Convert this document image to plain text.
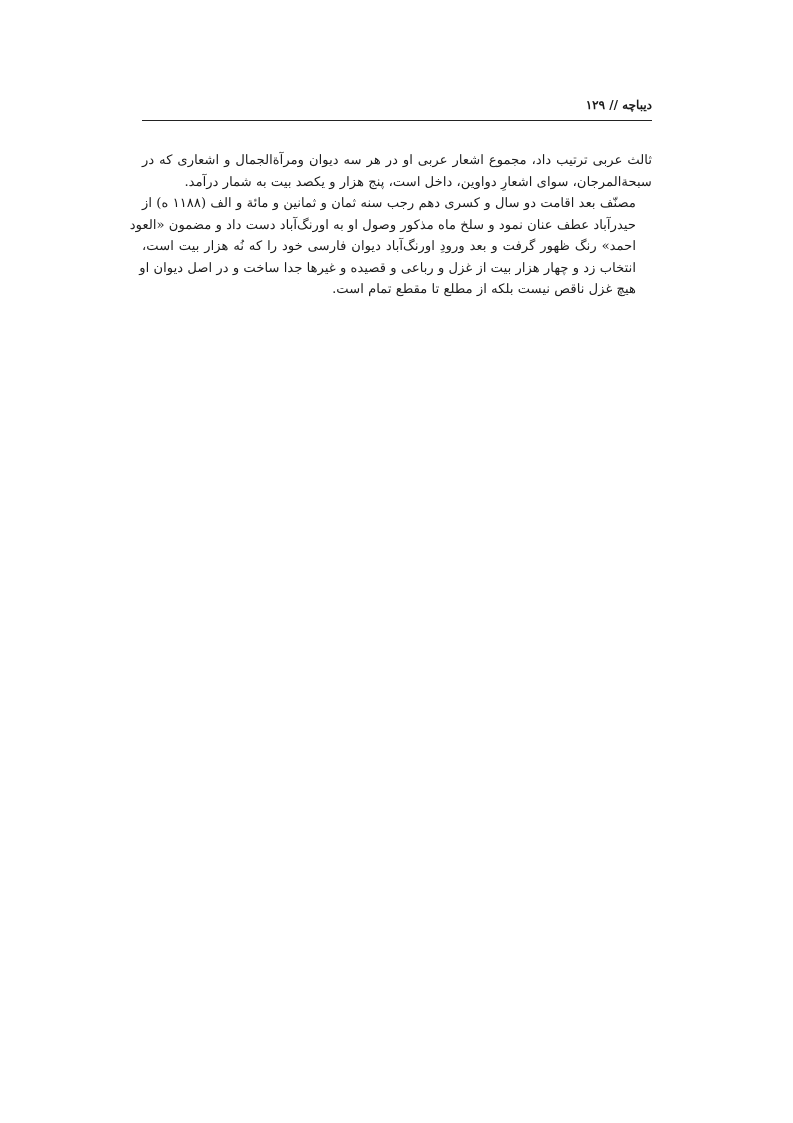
دیباچه // ۱۲۹

ثالث عربی ترتیب داد، مجموع اشعار عربی او در هر سه دیوان ومرآةالجمال و اشعاری که در
سبحةالمرجان، سوای اشعارِ دواوین، داخل است، پنج هزار و یکصد بیت به شمار درآمد.

مصنّف بعد اقامت دو سال و کسری دهم رجب سنه ثمان و ثمانین و مائة و الف (۱۱۸۸ ه) از
حیدرآباد عطف عنان نمود و سلخ ماه مذکور وصول او به اورنگ‌آباد دست داد و مضمون «العود
احمد» رنگ ظهور گرفت و بعد ورودِ اورنگ‌آباد دیوان فارسی خود را که نُه هزار بیت است،
انتخاب زد و چهار هزار بیت از غزل و رباعی و قصیده و غیرها جدا ساخت و در اصل دیوان او
هیچ غزل ناقص نیست بلکه از مطلع تا مقطع تمام است.
